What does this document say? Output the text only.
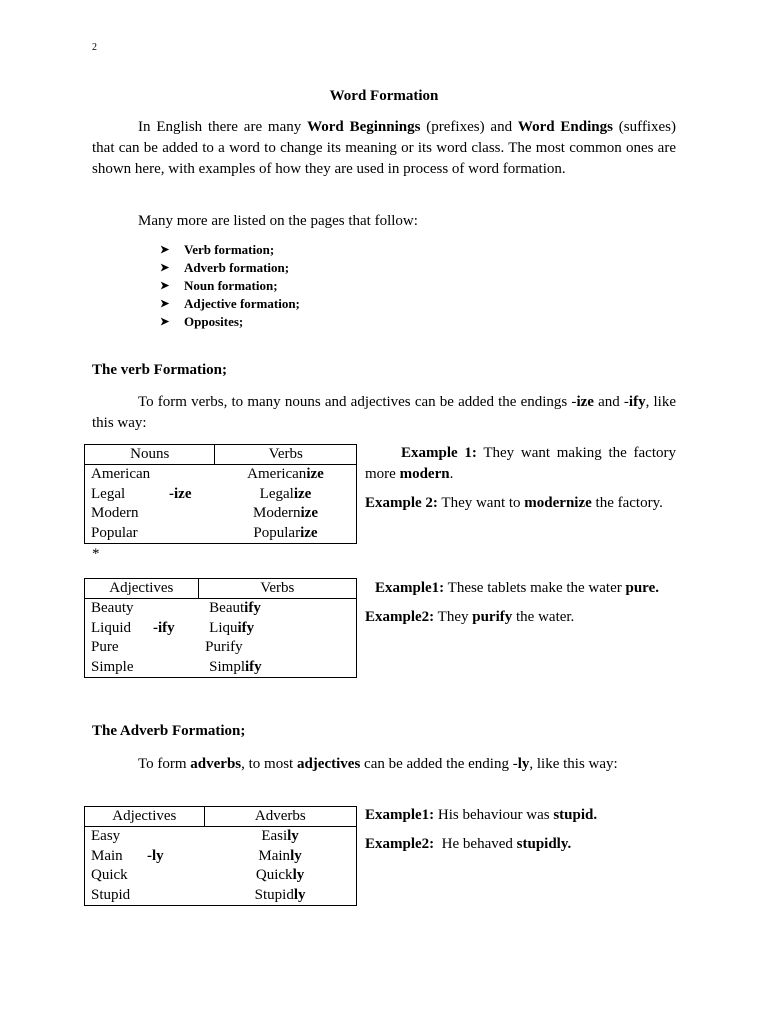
2
Word Formation
In English there are many Word Beginnings (prefixes) and Word Endings (suffixes) that can be added to a word to change its meaning or its word class. The most common ones are shown here, with examples of how they are used in process of word formation.
Many more are listed on the pages that follow:
➤	Verb formation;
➤	Adverb formation;
➤	Noun formation;
➤	Adjective formation;
➤	Opposites;
The verb Formation;
To form verbs, to many nouns and adjectives can be added the endings -ize and -ify, like this way:
Nouns	Verbs
American	Americanize
Legal -ize	Legalize
Modern	Modernize
Popular	Popularize

Example 1: They want making the factory more modern.

Example 2: They want to modernize the factory.

*
Adjectives	Verbs
Beauty	Beautify
Liquid -ify	Liquify
Pure	Purify
Simple	Simplify

Example1: These tablets make the water pure.

Example2: They purify the water.

The Adverb Formation;
To form adverbs, to most adjectives can be added the ending -ly, like this way:
Adjectives	Adverbs
Easy	Easily
Main -ly	Mainly
Quick	Quickly
Stupid	Stupidly

Example1: His behaviour was stupid.

Example2:  He behaved stupidly.
